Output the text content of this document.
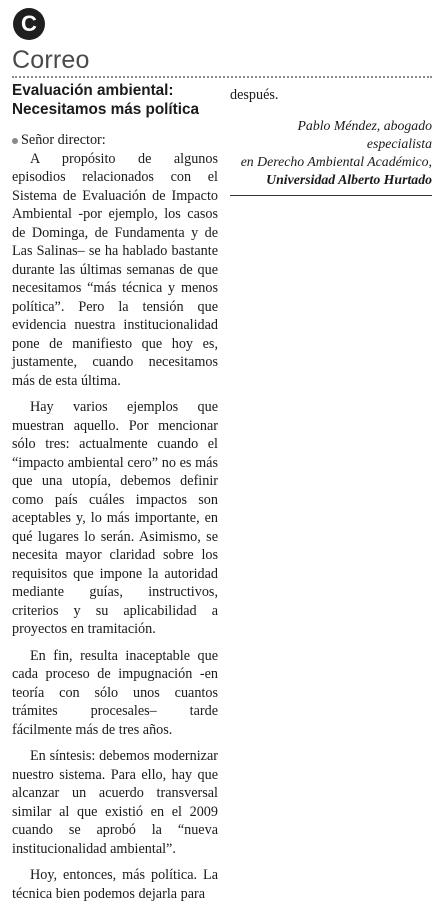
C
Correo
Evaluación ambiental: Necesitamos más política

Señor director:

A propósito de algunos episodios relacionados con el Sistema de Evaluación de Impacto Ambiental -por ejemplo, los casos de Dominga, de Fundamenta y de Las Salinas– se ha hablado bastante durante las últimas semanas de que necesitamos “más técnica y menos política”. Pero la tensión que evidencia nuestra institucionalidad pone de manifiesto que hoy es, justamente, cuando necesitamos más de esta última.

Hay varios ejemplos que muestran aquello. Por mencionar sólo tres: actualmente cuando el “impacto ambiental cero” no es más que una utopía, debemos definir como país cuáles impactos son aceptables y, lo más importante, en qué lugares lo serán. Asimismo, se necesita mayor claridad sobre los requisitos que impone la autoridad mediante guías, instructivos, criterios y su aplicabilidad a proyectos en tramitación.

En fin, resulta inaceptable que cada proceso de impugnación -en teoría con sólo unos cuantos trámites procesales– tarde fácilmente más de tres años.

En síntesis: debemos modernizar nuestro sistema. Para ello, hay que alcanzar un acuerdo transversal similar al que existió en el 2009 cuando se aprobó la “nueva institucionalidad ambiental”.

Hoy, entonces, más política. La técnica bien podemos dejarla para

después.

Pablo Méndez, abogado especialista
en Derecho Ambiental Académico,
Universidad Alberto Hurtado
